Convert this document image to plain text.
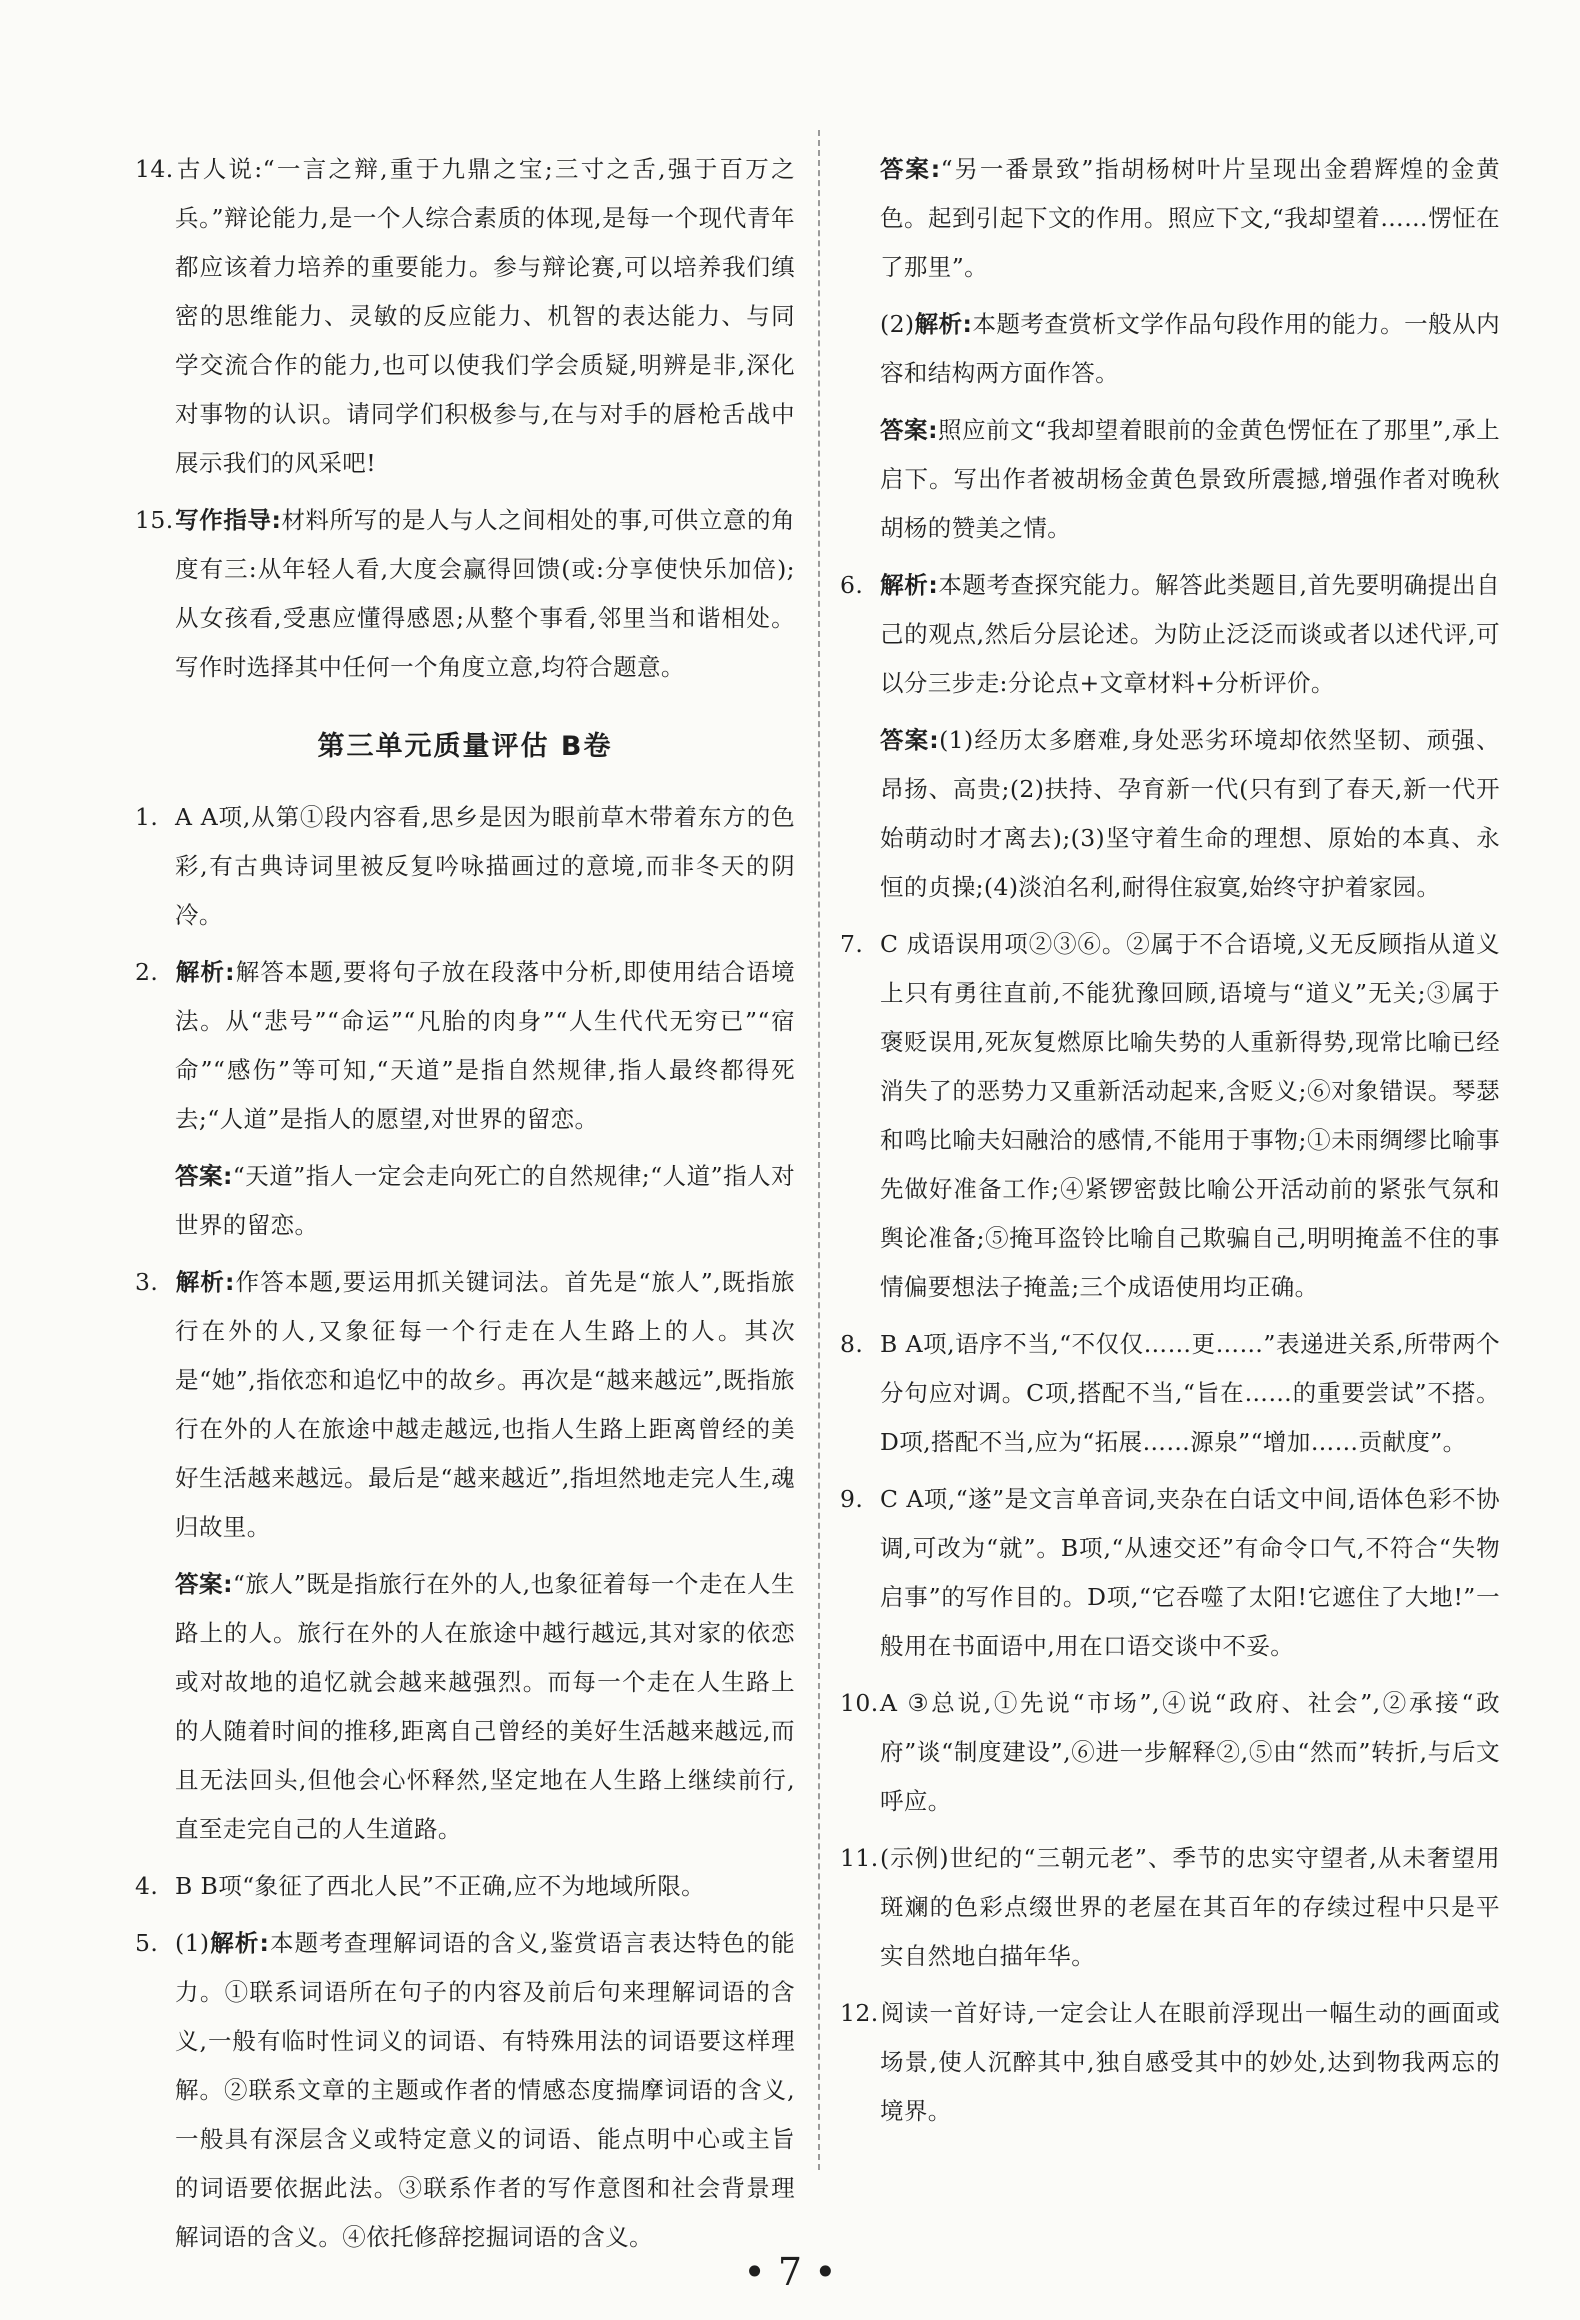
14.古人说:“一言之辩,重于九鼎之宝;三寸之舌,强于百万之兵。”辩论能力,是一个人综合素质的体现,是每一个现代青年都应该着力培养的重要能力。参与辩论赛,可以培养我们缜密的思维能力、灵敏的反应能力、机智的表达能力、与同学交流合作的能力,也可以使我们学会质疑,明辨是非,深化对事物的认识。请同学们积极参与,在与对手的唇枪舌战中展示我们的风采吧!

15.写作指导:材料所写的是人与人之间相处的事,可供立意的角度有三:从年轻人看,大度会赢得回馈(或:分享使快乐加倍);从女孩看,受惠应懂得感恩;从整个事看,邻里当和谐相处。写作时选择其中任何一个角度立意,均符合题意。

第三单元质量评估 B卷

1. A A项,从第①段内容看,思乡是因为眼前草木带着东方的色彩,有古典诗词里被反复吟咏描画过的意境,而非冬天的阴冷。

2. 解析:解答本题,要将句子放在段落中分析,即使用结合语境法。从“悲号”“命运”“凡胎的肉身”“人生代代无穷已”“宿命”“感伤”等可知,“天道”是指自然规律,指人最终都得死去;“人道”是指人的愿望,对世界的留恋。

答案:“天道”指人一定会走向死亡的自然规律;“人道”指人对世界的留恋。

3. 解析:作答本题,要运用抓关键词法。首先是“旅人”,既指旅行在外的人,又象征每一个行走在人生路上的人。其次是“她”,指依恋和追忆中的故乡。再次是“越来越远”,既指旅行在外的人在旅途中越走越远,也指人生路上距离曾经的美好生活越来越远。最后是“越来越近”,指坦然地走完人生,魂归故里。

答案:“旅人”既是指旅行在外的人,也象征着每一个走在人生路上的人。旅行在外的人在旅途中越行越远,其对家的依恋或对故地的追忆就会越来越强烈。而每一个走在人生路上的人随着时间的推移,距离自己曾经的美好生活越来越远,而且无法回头,但他会心怀释然,坚定地在人生路上继续前行,直至走完自己的人生道路。

4. B B项“象征了西北人民”不正确,应不为地域所限。

5. (1)解析:本题考查理解词语的含义,鉴赏语言表达特色的能力。①联系词语所在句子的内容及前后句来理解词语的含义,一般有临时性词义的词语、有特殊用法的词语要这样理解。②联系文章的主题或作者的情感态度揣摩词语的含义,一般具有深层含义或特定意义的词语、能点明中心或主旨的词语要依据此法。③联系作者的写作意图和社会背景理解词语的含义。④依托修辞挖掘词语的含义。

答案:“另一番景致”指胡杨树叶片呈现出金碧辉煌的金黄色。起到引起下文的作用。照应下文,“我却望着……愣怔在了那里”。

(2)解析:本题考查赏析文学作品句段作用的能力。一般从内容和结构两方面作答。

答案:照应前文“我却望着眼前的金黄色愣怔在了那里”,承上启下。写出作者被胡杨金黄色景致所震撼,增强作者对晚秋胡杨的赞美之情。

6. 解析:本题考查探究能力。解答此类题目,首先要明确提出自己的观点,然后分层论述。为防止泛泛而谈或者以述代评,可以分三步走:分论点+文章材料+分析评价。

答案:(1)经历太多磨难,身处恶劣环境却依然坚韧、顽强、昂扬、高贵;(2)扶持、孕育新一代(只有到了春天,新一代开始萌动时才离去);(3)坚守着生命的理想、原始的本真、永恒的贞操;(4)淡泊名利,耐得住寂寞,始终守护着家园。

7. C 成语误用项②③⑥。②属于不合语境,义无反顾指从道义上只有勇往直前,不能犹豫回顾,语境与“道义”无关;③属于褒贬误用,死灰复燃原比喻失势的人重新得势,现常比喻已经消失了的恶势力又重新活动起来,含贬义;⑥对象错误。琴瑟和鸣比喻夫妇融洽的感情,不能用于事物;①未雨绸缪比喻事先做好准备工作;④紧锣密鼓比喻公开活动前的紧张气氛和舆论准备;⑤掩耳盗铃比喻自己欺骗自己,明明掩盖不住的事情偏要想法子掩盖;三个成语使用均正确。

8. B A项,语序不当,“不仅仅……更……”表递进关系,所带两个分句应对调。C项,搭配不当,“旨在……的重要尝试”不搭。D项,搭配不当,应为“拓展……源泉”“增加……贡献度”。

9. C A项,“遂”是文言单音词,夹杂在白话文中间,语体色彩不协调,可改为“就”。B项,“从速交还”有命令口气,不符合“失物启事”的写作目的。D项,“它吞噬了太阳!它遮住了大地!”一般用在书面语中,用在口语交谈中不妥。

10.A ③总说,①先说“市场”,④说“政府、社会”,②承接“政府”谈“制度建设”,⑥进一步解释②,⑤由“然而”转折,与后文呼应。

11.(示例)世纪的“三朝元老”、季节的忠实守望者,从未奢望用斑斓的色彩点缀世界的老屋在其百年的存续过程中只是平实自然地白描年华。

12.阅读一首好诗,一定会让人在眼前浮现出一幅生动的画面或场景,使人沉醉其中,独自感受其中的妙处,达到物我两忘的境界。

• 7 •
